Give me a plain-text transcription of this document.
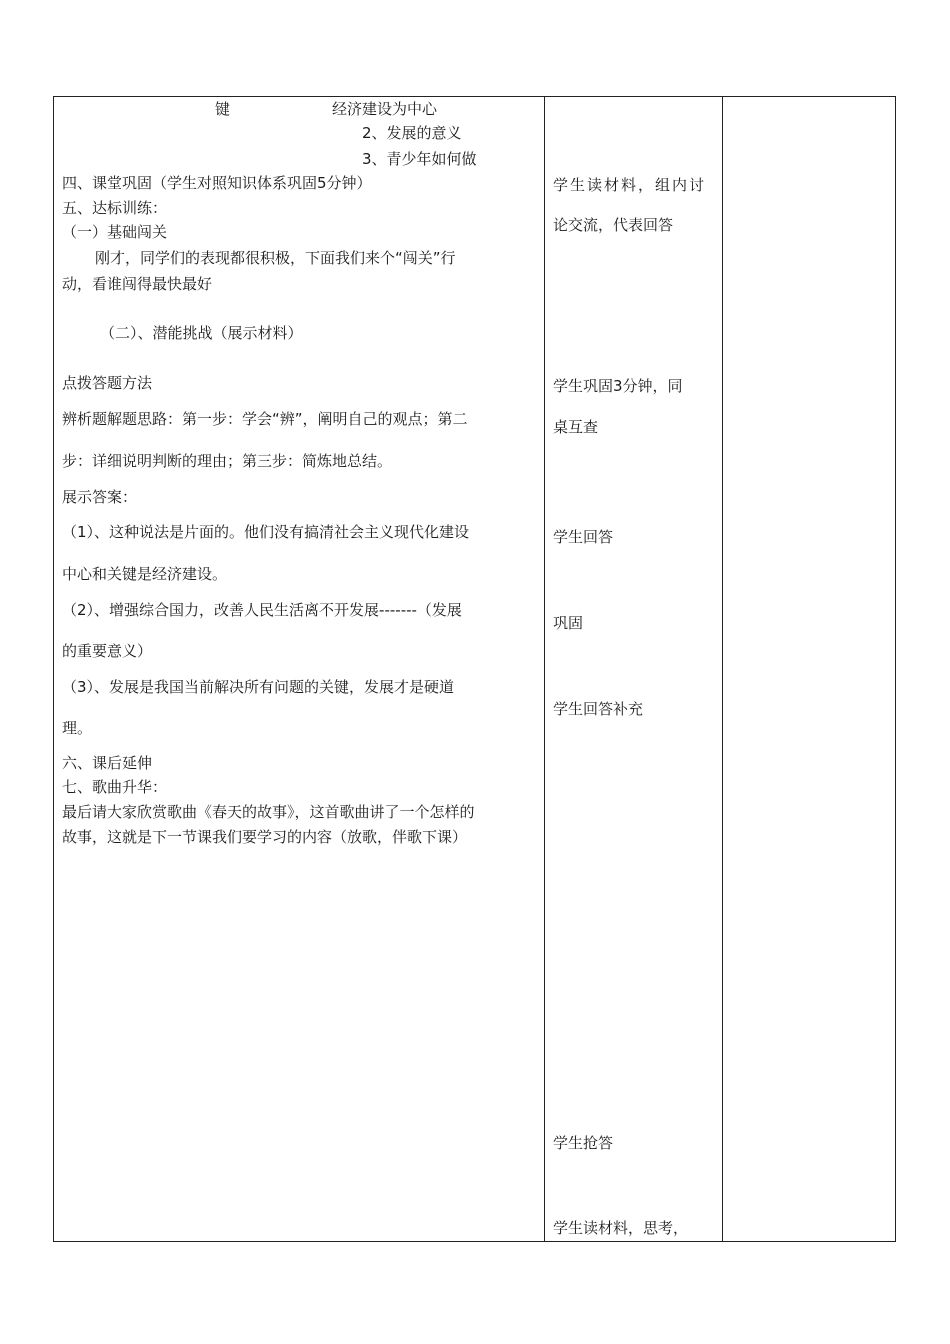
键	经济建设为中心
2、发展的意义
3、青少年如何做
四、课堂巩固（学生对照知识体系巩固5分钟）
五、达标训练：
（一）基础闯关
刚才，同学们的表现都很积极，下面我们来个“闯关”行
动，看谁闯得最快最好
（二）、潜能挑战（展示材料）
点拨答题方法
辨析题解题思路：第一步：学会“辨”，阐明自己的观点；第二
步：详细说明判断的理由；第三步：简炼地总结。
展示答案：
（1）、这种说法是片面的。他们没有搞清社会主义现代化建设
中心和关键是经济建设。
（2）、增强综合国力，改善人民生活离不开发展-------（发展
的重要意义）
（3）、发展是我国当前解决所有问题的关键，发展才是硬道
理。
六、课后延伸
七、歌曲升华：
最后请大家欣赏歌曲《春天的故事》，这首歌曲讲了一个怎样的
故事，这就是下一节课我们要学习的内容（放歌，伴歌下课）
学生读材料，组内讨
论交流，代表回答
学生巩固3分钟，同
桌互查
学生回答
巩固
学生回答补充
学生抢答
学生读材料，思考，
